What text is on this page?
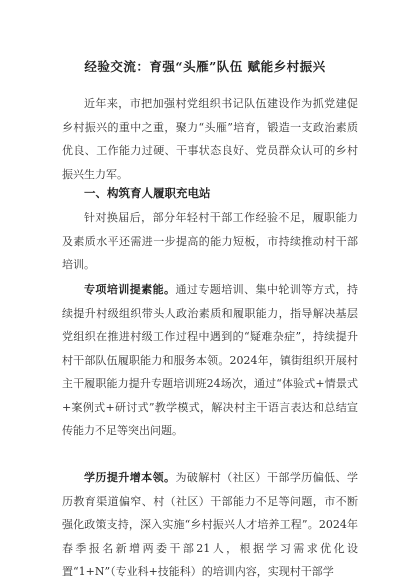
经验交流：育强“头雁”队伍 赋能乡村振兴

近年来，市把加强村党组织书记队伍建设作为抓党建促乡村振兴的重中之重，聚力“头雁”培育，锻造一支政治素质优良、工作能力过硬、干事状态良好、党员群众认可的乡村振兴生力军。

一、构筑育人履职充电站

针对换届后，部分年轻村干部工作经验不足，履职能力及素质水平还需进一步提高的能力短板，市持续推动村干部培训。

专项培训提素能。通过专题培训、集中轮训等方式，持续提升村级组织带头人政治素质和履职能力，指导解决基层党组织在推进村级工作过程中遇到的“疑难杂症”，持续提升村干部队伍履职能力和服务本领。2024年，镇街组织开展村主干履职能力提升专题培训班24场次，通过“体验式+情景式+案例式+研讨式”教学模式，解决村主干语言表达和总结宣传能力不足等突出问题。

学历提升增本领。为破解村（社区）干部学历偏低、学历教育渠道偏窄、村（社区）干部能力不足等问题，市不断强化政策支持，深入实施“乡村振兴人才培养工程”。2024年春季报名新增两委干部21人，根据学习需求优化设置“1+N”（专业科+技能科）的培训内容，实现村干部学
